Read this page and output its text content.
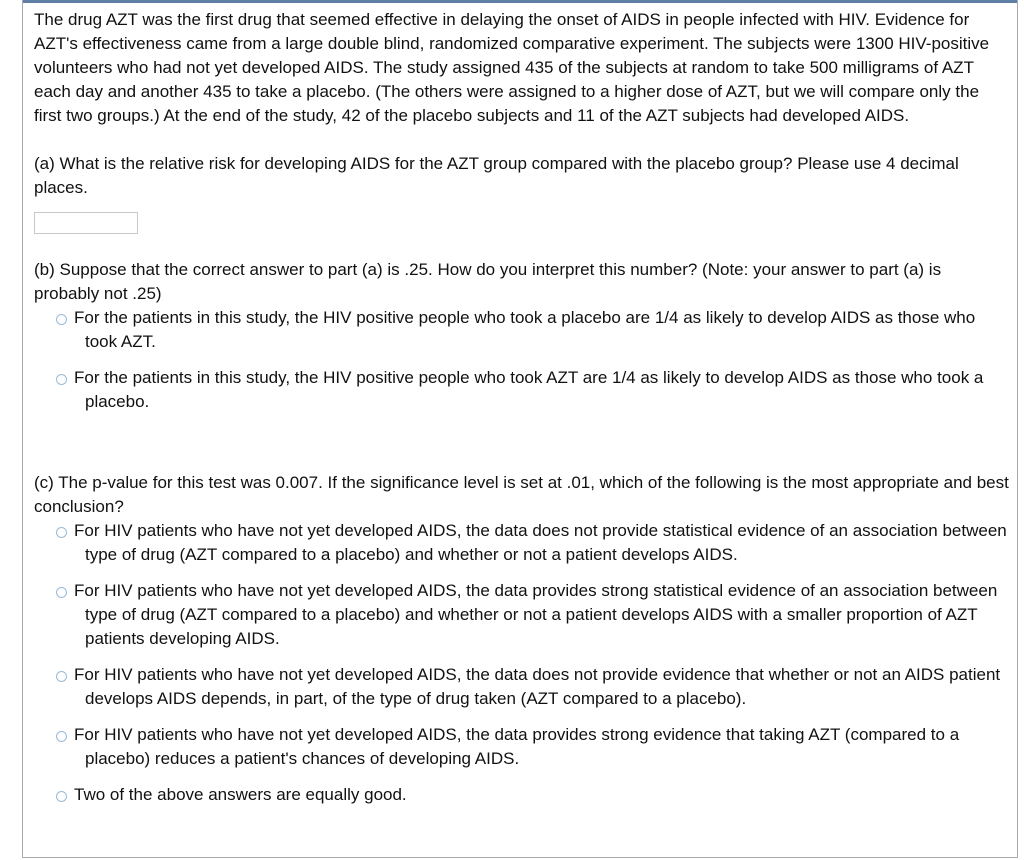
The drug AZT was the first drug that seemed effective in delaying the onset of AIDS in people infected with HIV. Evidence for AZT's effectiveness came from a large double blind, randomized comparative experiment. The subjects were 1300 HIV-positive volunteers who had not yet developed AIDS. The study assigned 435 of the subjects at random to take 500 milligrams of AZT each day and another 435 to take a placebo. (The others were assigned to a higher dose of AZT, but we will compare only the first two groups.) At the end of the study, 42 of the placebo subjects and 11 of the AZT subjects had developed AIDS.

(a) What is the relative risk for developing AIDS for the AZT group compared with the placebo group? Please use 4 decimal places.

(b) Suppose that the correct answer to part (a) is .25. How do you interpret this number? (Note: your answer to part (a) is probably not .25)

For the patients in this study, the HIV positive people who took a placebo are 1/4 as likely to develop AIDS as those who took AZT.
For the patients in this study, the HIV positive people who took AZT are 1/4 as likely to develop AIDS as those who took a placebo.

(c) The p-value for this test was 0.007. If the significance level is set at .01, which of the following is the most appropriate and best conclusion?

For HIV patients who have not yet developed AIDS, the data does not provide statistical evidence of an association between type of drug (AZT compared to a placebo) and whether or not a patient develops AIDS.
For HIV patients who have not yet developed AIDS, the data provides strong statistical evidence of an association between type of drug (AZT compared to a placebo) and whether or not a patient develops AIDS with a smaller proportion of AZT patients developing AIDS.
For HIV patients who have not yet developed AIDS, the data does not provide evidence that whether or not an AIDS patient develops AIDS depends, in part, of the type of drug taken (AZT compared to a placebo).
For HIV patients who have not yet developed AIDS, the data provides strong evidence that taking AZT (compared to a placebo) reduces a patient's chances of developing AIDS.
Two of the above answers are equally good.
